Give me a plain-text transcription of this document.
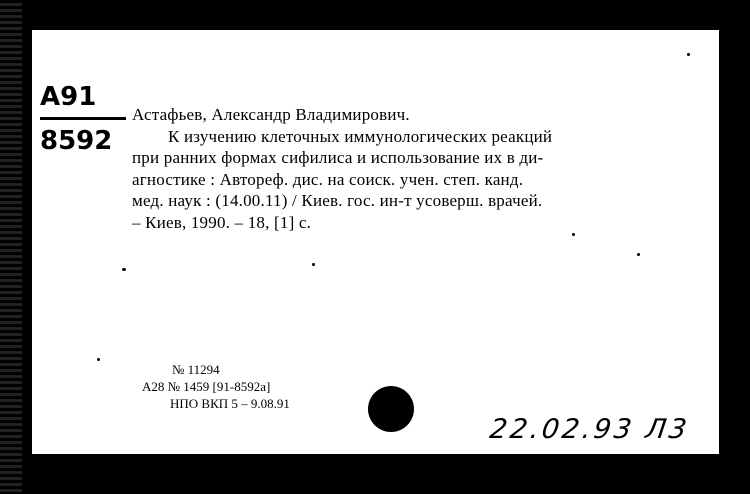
А91
8592
Астафьев, Александр Владимирович.
К изучению клеточных иммунологических реакций
при ранних формах сифилиса и использование их в ди-
агностике : Автореф. дис. на соиск. учен. степ. канд.
мед. наук : (14.00.11) / Киев. гос. ин-т усоверш. врачей.
– Киев, 1990. – 18, [1] с.
№ 11294
А28 № 1459 [91-8592а]
НПО ВКП 5 – 9.08.91
22.02.93 Л3
